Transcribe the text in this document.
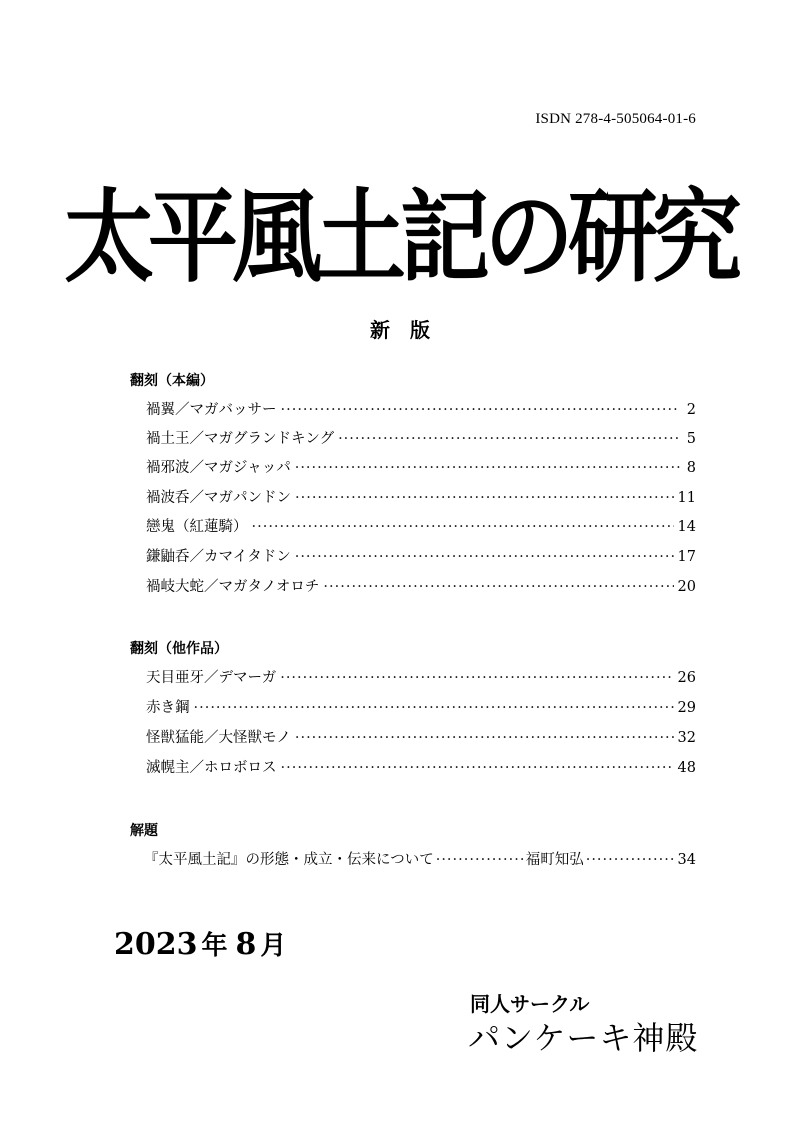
ISDN 278-4-505064-01-6
太平風土記の研究
新版
翻刻（本編）
禍翼／マガバッサー ·····	2
禍土王／マガグランドキング ·····	5
禍邪波／マガジャッパ ·····	8
禍波呑／マガパンドン ·····	11
戀鬼（紅蓮騎） ·····	14
鎌鼬呑／カマイタドン ·····	17
禍岐大蛇／マガタノオロチ ·····	20
翻刻（他作品）
天目亜牙／デマーガ ·····	26
赤き鋼 ·····	29
怪獣猛能／大怪獣モノ ·····	32
滅幌主／ホロボロス ·····	48
解題
『太平風土記』の形態・成立・伝来について ·····	福町知弘 ·····	34
2023 年 8 月
同人サークル
パンケーキ神殿
